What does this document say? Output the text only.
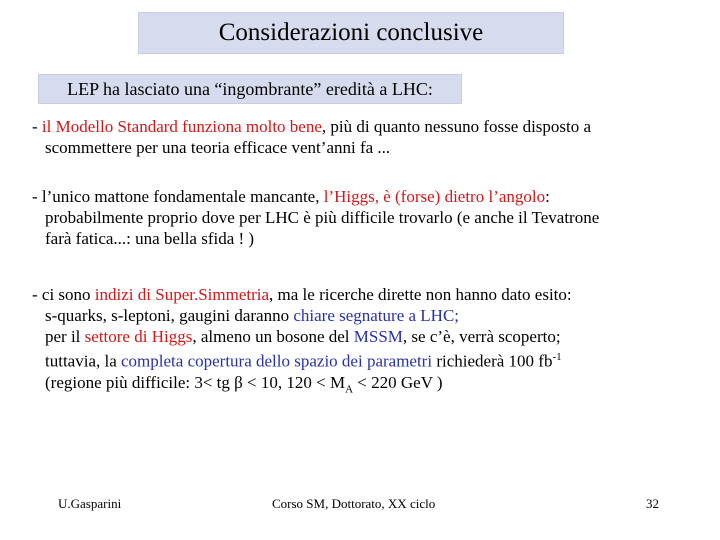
Considerazioni conclusive
LEP ha lasciato una “ingombrante” eredità a LHC:
- il Modello Standard funziona molto bene, più di quanto nessuno fosse disposto a
scommettere per una teoria efficace vent’anni fa ...
- l’unico mattone fondamentale mancante, l’Higgs, è (forse) dietro l’angolo:
probabilmente proprio dove per LHC è più difficile trovarlo (e anche il Tevatrone
farà fatica...: una bella sfida ! )
- ci sono indizi di Super.Simmetria, ma le ricerche dirette non hanno dato esito:
s-quarks, s-leptoni, gaugini daranno chiare segnature a LHC;
per il settore di Higgs, almeno un bosone del MSSM, se c’è, verrà scoperto;
tuttavia, la completa copertura dello spazio dei parametri richiederà 100 $fb^{-1}$
(regione più difficile: 3< tg β < 10, $120 < M_A < 220$ GeV )
U.Gasparini	Corso SM, Dottorato, XX ciclo	32
